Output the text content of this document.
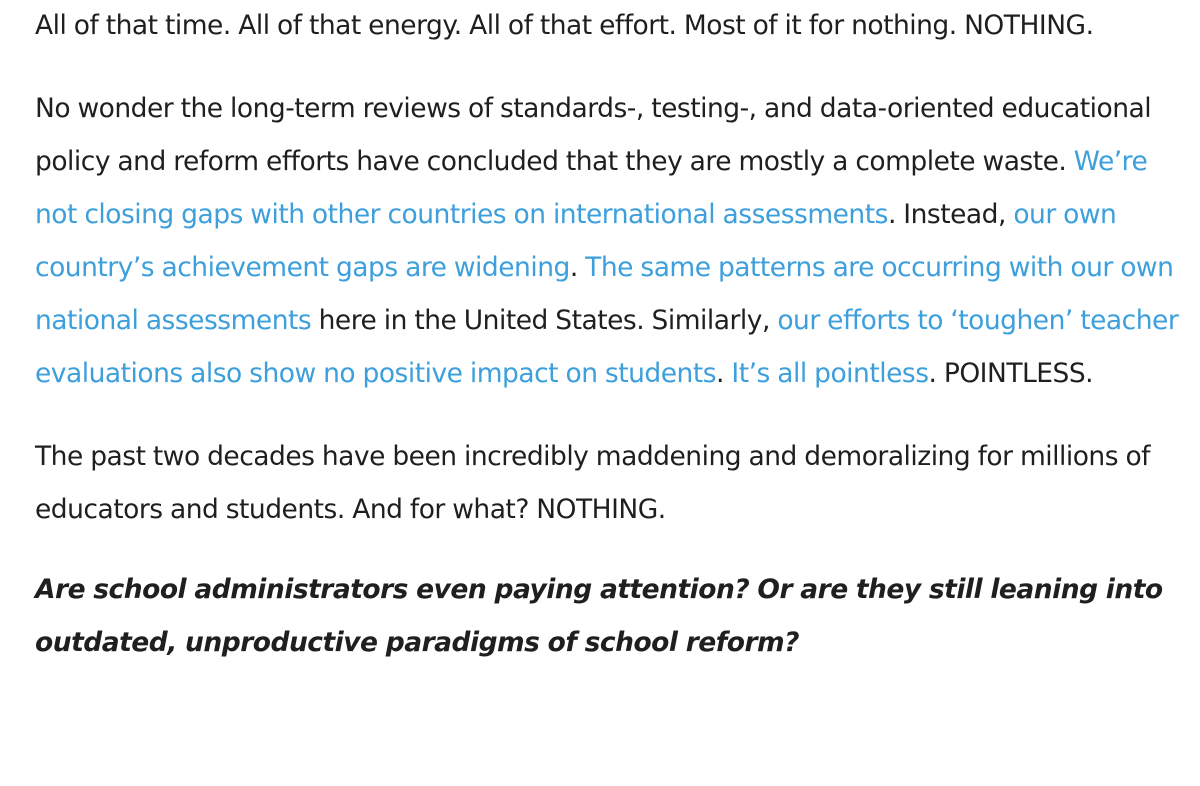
All of that time. All of that energy. All of that effort. Most of it for nothing. NOTHING.

No wonder the long-term reviews of standards-, testing-, and data-oriented educational policy and reform efforts have concluded that they are mostly a complete waste. We’re not closing gaps with other countries on international assessments. Instead, our own country’s achievement gaps are widening. The same patterns are occurring with our own national assessments here in the United States. Similarly, our efforts to ‘toughen’ teacher evaluations also show no positive impact on students. It’s all pointless. POINTLESS.

The past two decades have been incredibly maddening and demoralizing for millions of educators and students. And for what? NOTHING.

Are school administrators even paying attention? Or are they still leaning into outdated, unproductive paradigms of school reform?
